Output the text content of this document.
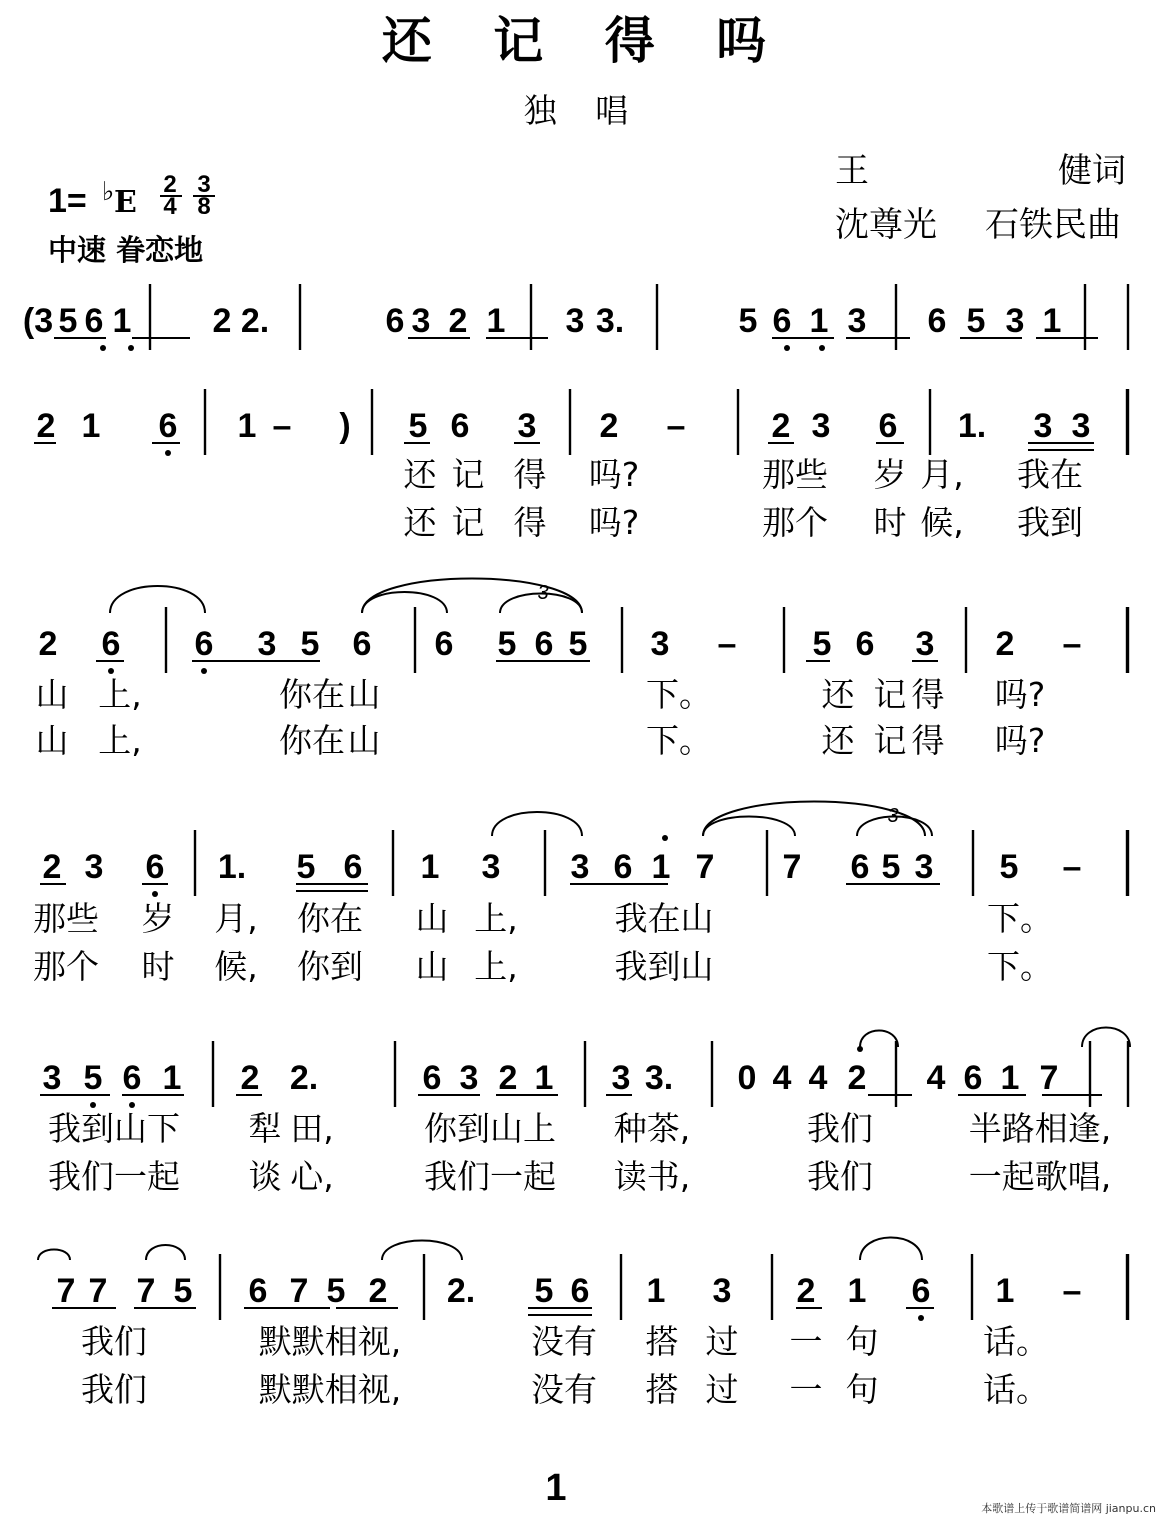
还 记 得 吗
独 唱
王	健词
沈尊光 石铁民曲
1= ♭ E
2
4
3
8
中速 眷恋地
(3 5 6 1 2 2.	6 3 2 1 3 3.	5 6 1 3 6 5 3 1
2 1 6 1 – ) 5 6 3 2 –	2 3 6 1. 3 3
还 记 得 吗?	那些 岁 月, 我在
还 记 得 吗?	那个 时 候, 我到
2 6 6 3 5 6 6 5 6 5 3 – 5 6 3 2 –
3
山 上,	你在 山	下。	还 记 得 吗?
山 上,	你在 山	下。	还 记 得 吗?
2 3 6 1. 5 6 1 3 3 6 1 7 7 6 5 3 5 –
3
那些 岁 月, 你在 山 上,	我在山	下。
那个 时 候, 你到 山 上,	我到山	下。
3 5 6 1 2 2.	6 3 2 1 3 3. 0 4 4 2 4 6 1 7
我到山下 犁 田,	你到山上 种茶,	我们	半路相逢,
我们一起 谈 心,	我们一起 读书,	我们	一起歌唱,
7 7 7 5 6 7 5 2 2. 5 6 1 3 2 1 6 1 –
我们	默默相视,	没有 搭 过 一 句	话。
我们	默默相视,	没有 搭 过 一 句	话。
1	本歌谱上传于歌谱简谱网 jianpu.cn
